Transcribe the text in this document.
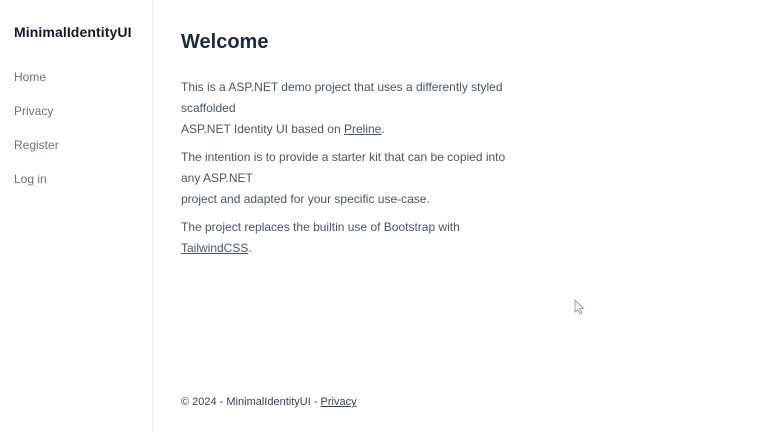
MinimalIdentityUI
Home
Privacy
Register
Log in
Welcome

This is a ASP.NET demo project that uses a differently styled scaffolded
ASP.NET Identity UI based on Preline.

The intention is to provide a starter kit that can be copied into any ASP.NET
project and adapted for your specific use-case.

The project replaces the builtin use of Bootstrap with TailwindCSS.

© 2024 - MinimalIdentityUI - Privacy
